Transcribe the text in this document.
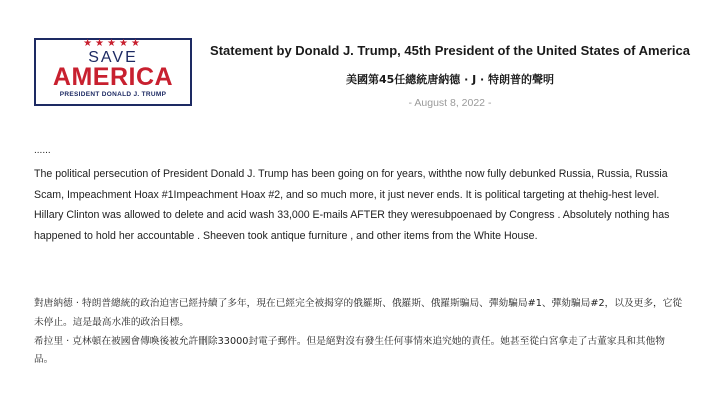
★★★★★
SAVE
AMERICA
PRESIDENT DONALD J. TRUMP
Statement by Donald J. Trump, 45th President of the United States of America
美國第45任總統唐納德 · J · 特朗普的聲明
- August 8, 2022 -
......

The political persecution of President Donald J. Trump has been going on for years, withthe now fully debunked Russia, Russia, Russia Scam, Impeachment Hoax #1Impeachment Hoax #2, and so much more, it just never ends. It is political targeting at thehig-hest level.

Hillary Clinton was allowed to delete and acid wash 33,000 E-mails AFTER they weresubpoenaed by Congress . Absolutely nothing has happened to hold her accountable . Sheeven took antique furniture , and other items from the White House.

對唐納德 · 特朗普總統的政治迫害已經持續了多年，現在已經完全被揭穿的俄羅斯、俄羅斯、俄羅斯騙局、彈劾騙局#1、彈劾騙局#2，以及更多，它從未停止。這是最高水准的政治目標。

希拉里 · 克林頓在被國會傳喚後被允許刪除33000封電子郵件。但是絕對沒有發生任何事情來追究她的責任。她甚至從白宮拿走了古董家具和其他物品。
